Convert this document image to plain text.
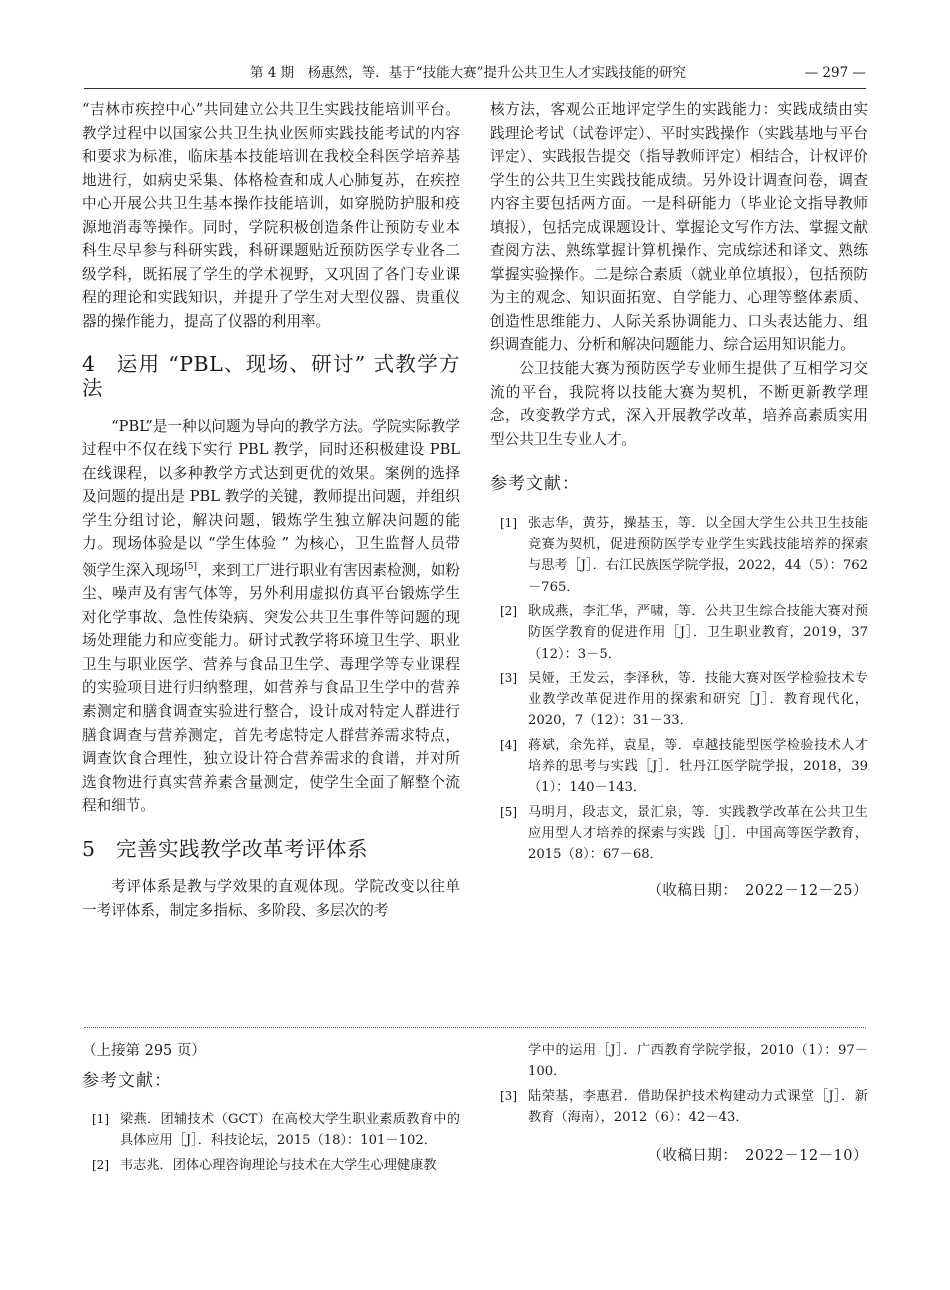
第 4 期　杨惠然，等．基于“技能大赛”提升公共卫生人才实践技能的研究	— 297 —

“吉林市疾控中心”共同建立公共卫生实践技能培训平台。教学过程中以国家公共卫生执业医师实践技能考试的内容和要求为标准，临床基本技能培训在我校全科医学培养基地进行，如病史采集、体格检查和成人心肺复苏，在疾控中心开展公共卫生基本操作技能培训，如穿脱防护服和疫源地消毒等操作。同时，学院积极创造条件让预防专业本科生尽早参与科研实践，科研课题贴近预防医学专业各二级学科，既拓展了学生的学术视野，又巩固了各门专业课程的理论和实践知识，并提升了学生对大型仪器、贵重仪器的操作能力，提高了仪器的利用率。

4 运用 “PBL、现场、研讨” 式教学方法

“PBL”是一种以问题为导向的教学方法。学院实际教学过程中不仅在线下实行 PBL 教学，同时还积极建设 PBL 在线课程，以多种教学方式达到更优的效果。案例的选择及问题的提出是 PBL 教学的关键，教师提出问题，并组织学生分组讨论，解决问题，锻炼学生独立解决问题的能力。现场体验是以 “学生体验 ” 为核心，卫生监督人员带领学生深入现场[5]，来到工厂进行职业有害因素检测，如粉尘、噪声及有害气体等，另外利用虚拟仿真平台锻炼学生对化学事故、急性传染病、突发公共卫生事件等问题的现场处理能力和应变能力。研讨式教学将环境卫生学、职业卫生与职业医学、营养与食品卫生学、毒理学等专业课程的实验项目进行归纳整理，如营养与食品卫生学中的营养素测定和膳食调查实验进行整合，设计成对特定人群进行膳食调查与营养测定，首先考虑特定人群营养需求特点，调查饮食合理性，独立设计符合营养需求的食谱，并对所选食物进行真实营养素含量测定，使学生全面了解整个流程和细节。

5 完善实践教学改革考评体系

考评体系是教与学效果的直观体现。学院改变以往单一考评体系，制定多指标、多阶段、多层次的考

核方法，客观公正地评定学生的实践能力：实践成绩由实践理论考试（试卷评定）、平时实践操作（实践基地与平台评定）、实践报告提交（指导教师评定）相结合，计权评价学生的公共卫生实践技能成绩。另外设计调查问卷，调查内容主要包括两方面。一是科研能力（毕业论文指导教师填报），包括完成课题设计、掌握论文写作方法、掌握文献查阅方法、熟练掌握计算机操作、完成综述和译文、熟练掌握实验操作。二是综合素质（就业单位填报），包括预防为主的观念、知识面拓宽、自学能力、心理等整体素质、创造性思维能力、人际关系协调能力、口头表达能力、组织调查能力、分析和解决问题能力、综合运用知识能力。

公卫技能大赛为预防医学专业师生提供了互相学习交流的平台，我院将以技能大赛为契机，不断更新教学理念，改变教学方式，深入开展教学改革，培养高素质实用型公共卫生专业人才。

参考文献：
[1] 张志华，黄芬，操基玉，等．以全国大学生公共卫生技能竞赛为契机，促进预防医学专业学生实践技能培养的探索与思考［J］．右江民族医学院学报，2022，44（5）：762－765．
[2] 耿成燕，李汇华，严啸，等．公共卫生综合技能大赛对预防医学教育的促进作用［J］．卫生职业教育，2019，37（12）：3－5．
[3] 吴娅，王发云，李泽秋，等．技能大赛对医学检验技术专业教学改革促进作用的探索和研究［J］．教育现代化，2020，7（12）：31－33．
[4] 蒋斌，余先祥，袁星，等．卓越技能型医学检验技术人才培养的思考与实践［J］．牡丹江医学院学报，2018，39（1）：140－143．
[5] 马明月，段志文，景汇泉，等．实践教学改革在公共卫生应用型人才培养的探索与实践［J］．中国高等医学教育，2015（8）：67－68．

（收稿日期：　2022－12－25）

（上接第 295 页）

参考文献：
[1] 梁燕．团辅技术（GCT）在高校大学生职业素质教育中的具体应用［J］．科技论坛，2015（18）：101－102．
[2] 韦志兆．团体心理咨询理论与技术在大学生心理健康教
学中的运用［J］．广西教育学院学报，2010（1）：97－100．
[3] 陆荣基，李惠君．借助保护技术构建动力式课堂［J］．新教育（海南），2012（6）：42－43．

（收稿日期：　2022－12－10）
